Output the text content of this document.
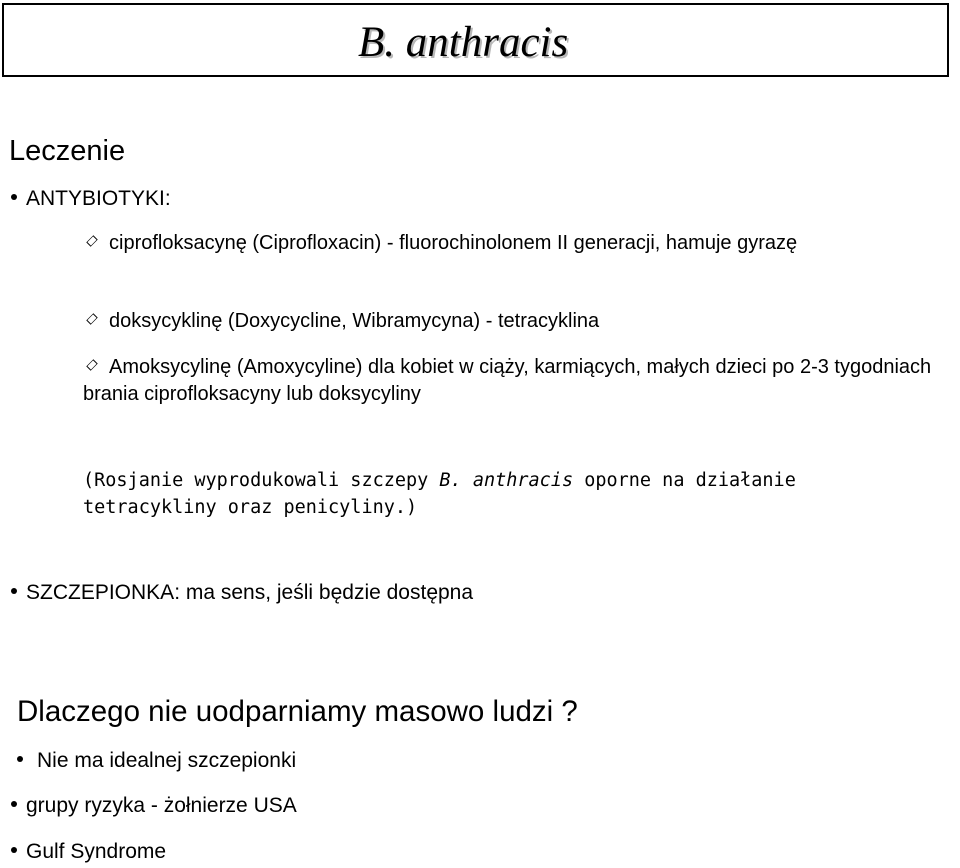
B. anthracis
Leczenie
ANTYBIOTYKI:
ciprofloksacynę (Ciprofloxacin) - fluorochinolonem II generacji, hamuje gyrazę
doksycyklinę (Doxycycline, Wibramycyna) - tetracyklina
Amoksycylinę (Amoxycyline) dla kobiet w ciąży, karmiących, małych dzieci po 2-3 tygodniach brania ciprofloksacyny lub doksycyliny
(Rosjanie wyprodukowali szczepy B. anthracis oporne na działanie tetracykliny oraz penicyliny.)
SZCZEPIONKA: ma sens, jeśli będzie dostępna
Dlaczego nie uodparniamy masowo ludzi ?
Nie ma idealnej szczepionki
grupy ryzyka - żołnierze USA
Gulf Syndrome
